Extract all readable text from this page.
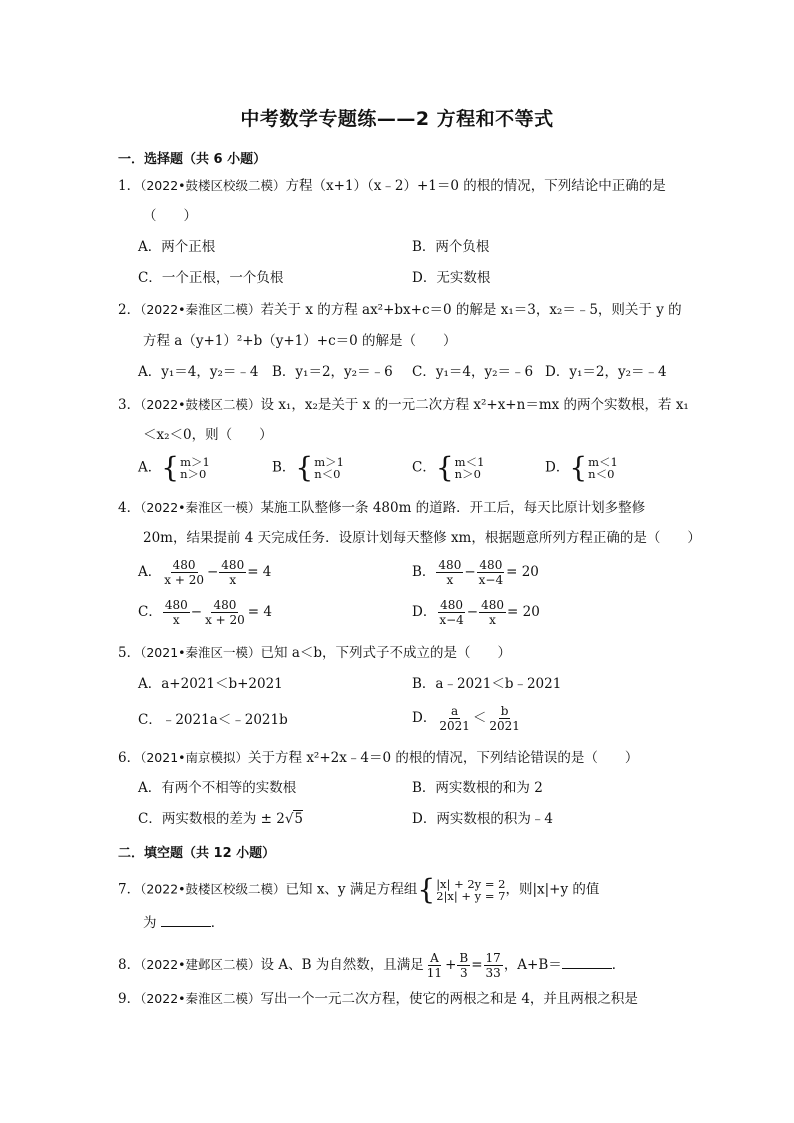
中考数学专题练——2 方程和不等式
一．选择题（共 6 小题）
1．（2022•鼓楼区校级二模）方程（x+1）（x﹣2）+1＝0 的根的情况，下列结论中正确的是
（　　）
A．两个正根	B．两个负根
C．一个正根，一个负根	D．无实数根
2．（2022•秦淮区二模）若关于 x 的方程 ax²+bx+c＝0 的解是 x₁＝3，x₂＝﹣5，则关于 y 的
方程 a（y+1）²+b（y+1）+c＝0 的解是（　　）
A．y₁＝4，y₂＝﹣4 B．y₁＝2，y₂＝﹣6 C．y₁＝4，y₂＝﹣6 D．y₁＝2，y₂＝﹣4
3．（2022•鼓楼区二模）设 x₁，x₂是关于 x 的一元二次方程 x²+x+n＝mx 的两个实数根，若 x₁
＜x₂＜0，则（　　）
A． { m＞1
n＞0	B． { m＞1
n＜0	C． { m＜1
n＞0	D． { m＜1
n＜0
4．（2022•秦淮区一模）某施工队整修一条 480m 的道路．开工后，每天比原计划多整修
20m，结果提前 4 天完成任务．设原计划每天整修 xm，根据题意所列方程正确的是（　　）
A． $\frac{480}{x + 20} - \frac{480}{x} = 4$	B． $\frac{480}{x} - \frac{480}{x-4} = 20$
C． $\frac{480}{x} - \frac{480}{x + 20} = 4$	D． $\frac{480}{x-4} - \frac{480}{x} = 20$
5．（2021•秦淮区一模）已知 a＜b，下列式子不成立的是（　　）
A．a+2021＜b+2021	B．a﹣2021＜b﹣2021
C．﹣2021a＜﹣2021b	D． $\frac{a}{2021} < \frac{b}{2021}$
6．（2021•南京模拟）关于方程 x²+2x﹣4＝0 的根的情况，下列结论错误的是（　　）
A．有两个不相等的实数根	B．两实数根的和为 2
C．两实数根的差为 ± 2√5	D．两实数根的积为﹣4
二．填空题（共 12 小题）
7．（2022•鼓楼区校级二模）已知 x、y 满足方程组 { |x| + 2y = 2
2|x| + y = 7 ，则|x|+y 的值
为	．
8．（2022•建邺区二模）设 A、B 为自然数，且满足 $\frac{A}{11} + \frac{B}{3} = \frac{17}{33}$ ，A+B＝	．
9．（2022•秦淮区二模）写出一个一元二次方程，使它的两根之和是 4，并且两根之积是
